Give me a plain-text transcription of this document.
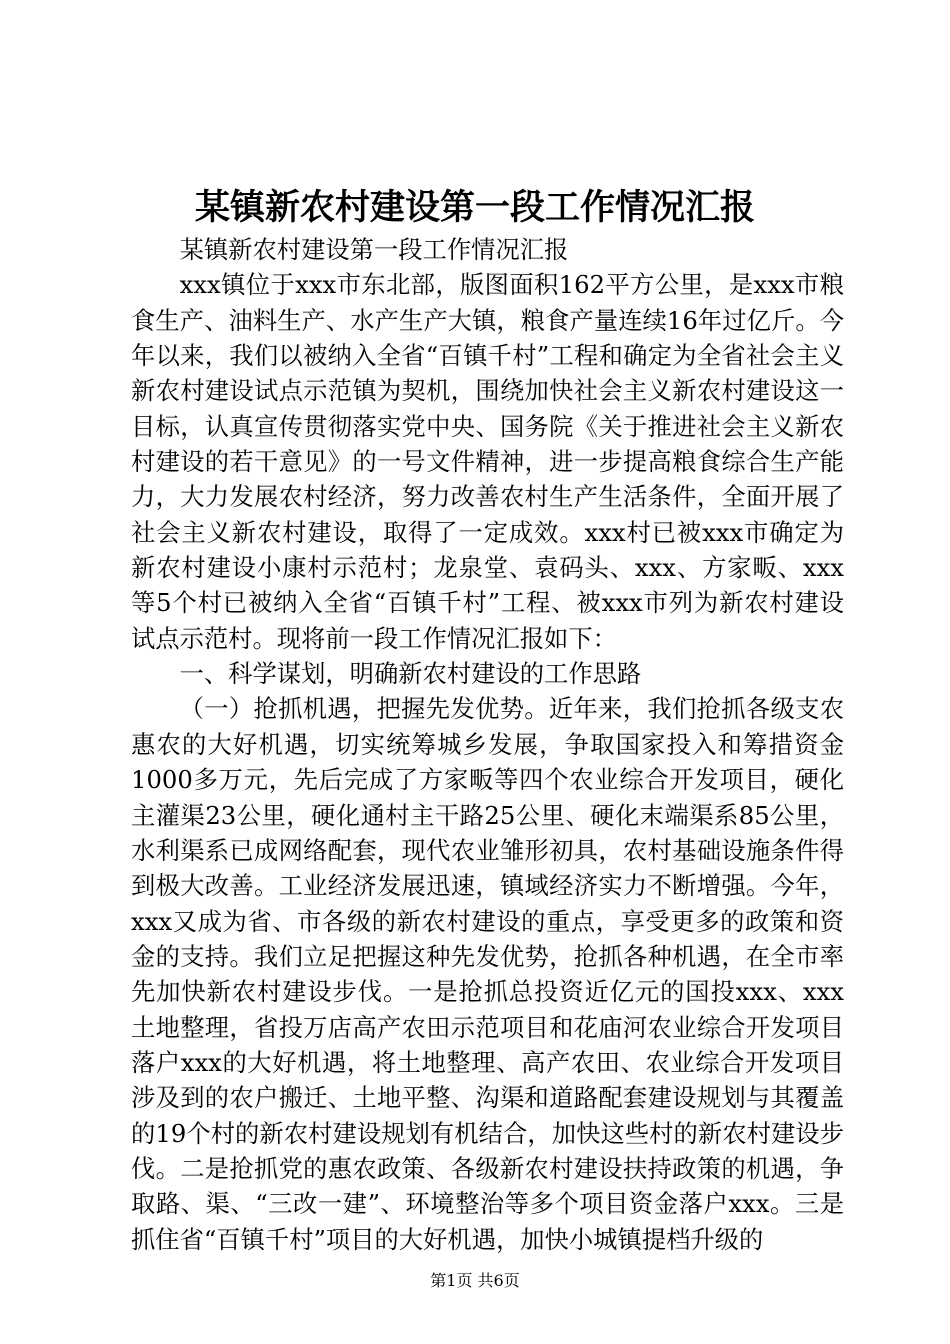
某镇新农村建设第一段工作情况汇报

某镇新农村建设第一段工作情况汇报

xxx镇位于xxx市东北部，版图面积162平方公里，是xxx市粮食生产、油料生产、水产生产大镇，粮食产量连续16年过亿斤。今年以来，我们以被纳入全省“百镇千村”工程和确定为全省社会主义新农村建设试点示范镇为契机，围绕加快社会主义新农村建设这一目标，认真宣传贯彻落实党中央、国务院《关于推进社会主义新农村建设的若干意见》的一号文件精神，进一步提高粮食综合生产能力，大力发展农村经济，努力改善农村生产生活条件，全面开展了社会主义新农村建设，取得了一定成效。xxx村已被xxx市确定为新农村建设小康村示范村；龙泉堂、袁码头、xxx、方家畈、xxx等5个村已被纳入全省“百镇千村”工程、被xxx市列为新农村建设试点示范村。现将前一段工作情况汇报如下：

一、科学谋划，明确新农村建设的工作思路

（一）抢抓机遇，把握先发优势。近年来，我们抢抓各级支农惠农的大好机遇，切实统筹城乡发展，争取国家投入和筹措资金1000多万元，先后完成了方家畈等四个农业综合开发项目，硬化主灌渠23公里，硬化通村主干路25公里、硬化末端渠系85公里，水利渠系已成网络配套，现代农业雏形初具，农村基础设施条件得到极大改善。工业经济发展迅速，镇域经济实力不断增强。今年，xxx又成为省、市各级的新农村建设的重点，享受更多的政策和资金的支持。我们立足把握这种先发优势，抢抓各种机遇，在全市率先加快新农村建设步伐。一是抢抓总投资近亿元的国投xxx、xxx土地整理，省投万店高产农田示范项目和花庙河农业综合开发项目落户xxx的大好机遇，将土地整理、高产农田、农业综合开发项目涉及到的农户搬迁、土地平整、沟渠和道路配套建设规划与其覆盖的19个村的新农村建设规划有机结合，加快这些村的新农村建设步伐。二是抢抓党的惠农政策、各级新农村建设扶持政策的机遇，争取路、渠、“三改一建”、环境整治等多个项目资金落户xxx。三是抓住省“百镇千村”项目的大好机遇，加快小城镇提档升级的

第1页 共6页
